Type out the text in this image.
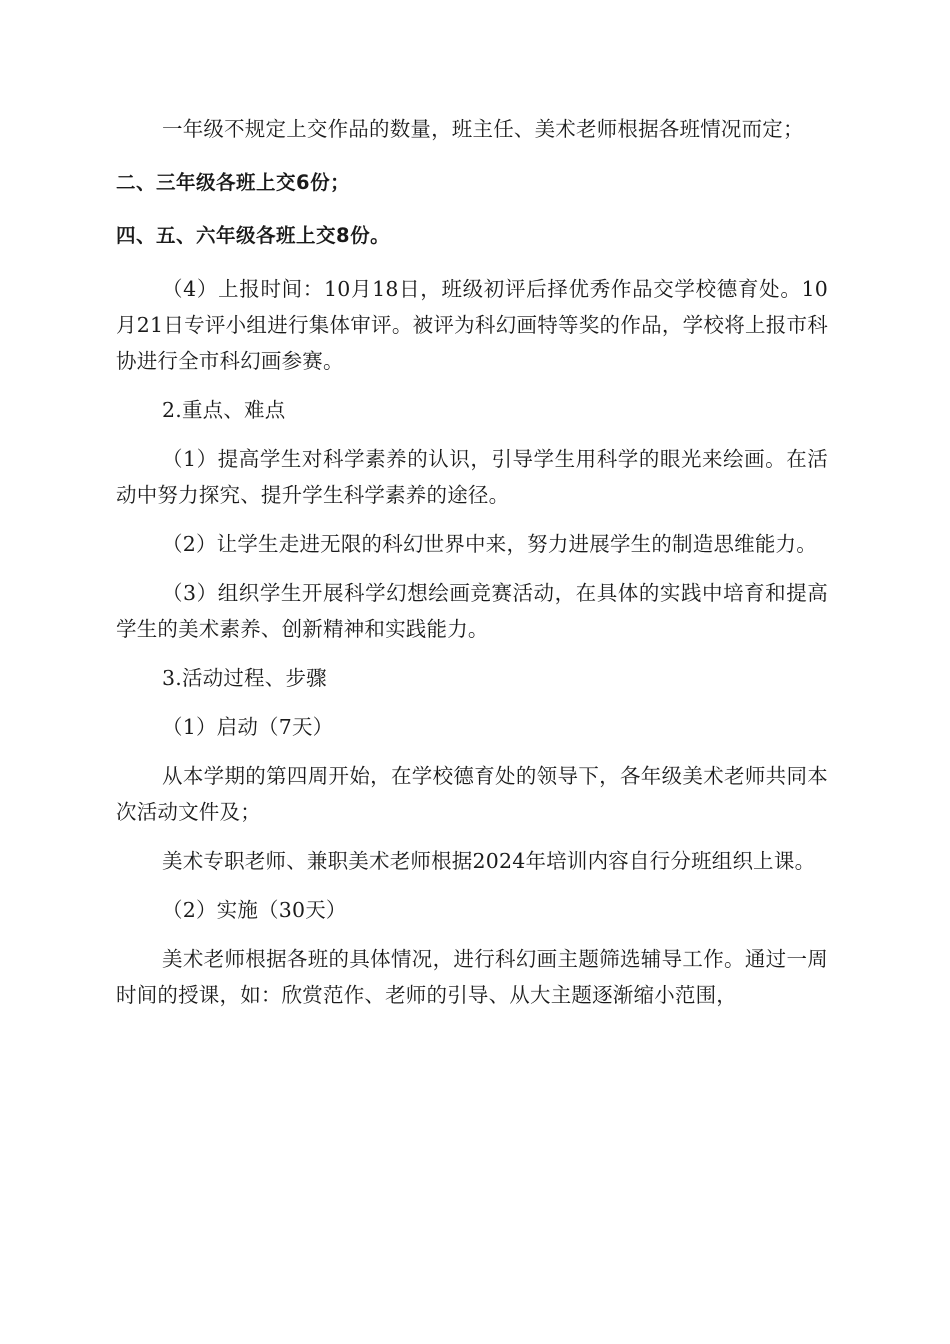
一年级不规定上交作品的数量，班主任、美术老师根据各班情况而定；

二、三年级各班上交6份；

四、五、六年级各班上交8份。

（4）上报时间：10月18日，班级初评后择优秀作品交学校德育处。10月21日专评小组进行集体审评。被评为科幻画特等奖的作品，学校将上报市科协进行全市科幻画参赛。

2.重点、难点

（1）提高学生对科学素养的认识，引导学生用科学的眼光来绘画。在活动中努力探究、提升学生科学素养的途径。

（2）让学生走进无限的科幻世界中来，努力进展学生的制造思维能力。

（3）组织学生开展科学幻想绘画竞赛活动，在具体的实践中培育和提高学生的美术素养、创新精神和实践能力。

3.活动过程、步骤

（1）启动（7天）

从本学期的第四周开始，在学校德育处的领导下，各年级美术老师共同本次活动文件及；

美术专职老师、兼职美术老师根据2024年培训内容自行分班组织上课。

（2）实施（30天）

美术老师根据各班的具体情况，进行科幻画主题筛选辅导工作。通过一周时间的授课，如：欣赏范作、老师的引导、从大主题逐渐缩小范围，
